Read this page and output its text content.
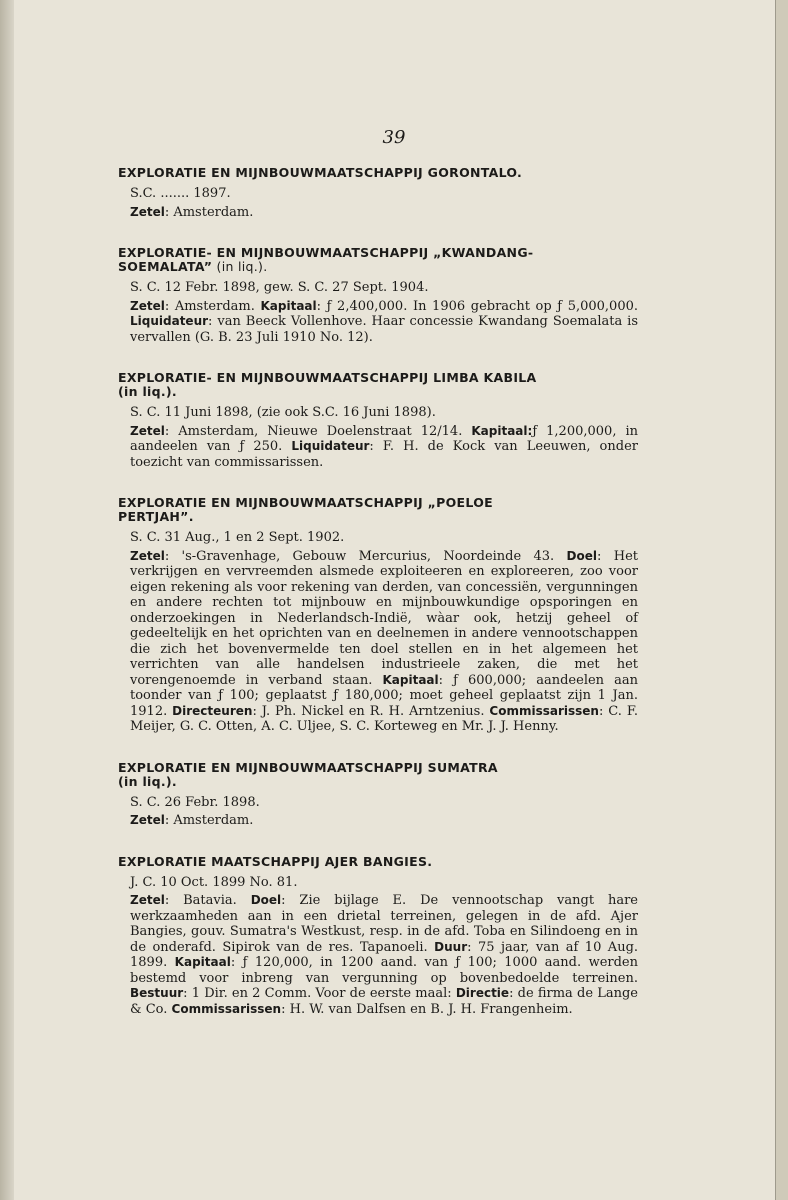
39
EXPLORATIE EN MIJNBOUWMAATSCHAPPIJ GORONTALO.

S.C. ....... 1897.

Zetel: Amsterdam.

EXPLORATIE- EN MIJNBOUWMAATSCHAPPIJ „KWANDANG-
SOEMALATA” (in liq.).

S. C. 12 Febr. 1898, gew. S. C. 27 Sept. 1904.

Zetel: Amsterdam. Kapitaal: ƒ 2,400,000. In 1906 gebracht op ƒ 5,000,000. Liquidateur: van Beeck Vollenhove. Haar concessie Kwandang Soemalata is vervallen (G. B. 23 Juli 1910 No. 12).

EXPLORATIE- EN MIJNBOUWMAATSCHAPPIJ LIMBA KABILA
(in liq.).

S. C. 11 Juni 1898, (zie ook S.C. 16 Juni 1898).

Zetel: Amsterdam, Nieuwe Doelenstraat 12/14. Kapitaal:ƒ 1,200,000, in aandeelen van ƒ 250. Liquidateur: F. H. de Kock van Leeuwen, onder toezicht van commissarissen.

EXPLORATIE EN MIJNBOUWMAATSCHAPPIJ „POELOE
PERTJAH”.

S. C. 31 Aug., 1 en 2 Sept. 1902.

Zetel: 's-Gravenhage, Gebouw Mercurius, Noordeinde 43. Doel: Het verkrijgen en vervreemden alsmede exploiteeren en exploreeren, zoo voor eigen rekening als voor rekening van derden, van concessiën, vergunningen en andere rechten tot mijnbouw en mijnbouwkundige opsporingen en onderzoekingen in Nederlandsch-Indië, wàar ook, hetzij geheel of gedeeltelijk en het oprichten van en deelnemen in andere vennootschappen die zich het bovenvermelde ten doel stellen en in het algemeen het verrichten van alle handelsen industrieele zaken, die met het vorengenoemde in verband staan. Kapitaal: ƒ 600,000; aandeelen aan toonder van ƒ 100; geplaatst ƒ 180,000; moet geheel geplaatst zijn 1 Jan. 1912. Directeuren: J. Ph. Nickel en R. H. Arntzenius. Commissarissen: C. F. Meijer, G. C. Otten, A. C. Uljee, S. C. Korteweg en Mr. J. J. Henny.

EXPLORATIE EN MIJNBOUWMAATSCHAPPIJ SUMATRA
(in liq.).

S. C. 26 Febr. 1898.

Zetel: Amsterdam.

EXPLORATIE MAATSCHAPPIJ AJER BANGIES.

J. C. 10 Oct. 1899 No. 81.

Zetel: Batavia. Doel: Zie bijlage E. De vennootschap vangt hare werkzaamheden aan in een drietal terreinen, gelegen in de afd. Ajer Bangies, gouv. Sumatra's Westkust, resp. in de afd. Toba en Silindoeng en in de onderafd. Sipirok van de res. Tapanoeli. Duur: 75 jaar, van af 10 Aug. 1899. Kapitaal: ƒ 120,000, in 1200 aand. van ƒ 100; 1000 aand. werden bestemd voor inbreng van vergunning op bovenbedoelde terreinen. Bestuur: 1 Dir. en 2 Comm. Voor de eerste maal: Directie: de firma de Lange & Co. Commissarissen: H. W. van Dalfsen en B. J. H. Frangenheim.
